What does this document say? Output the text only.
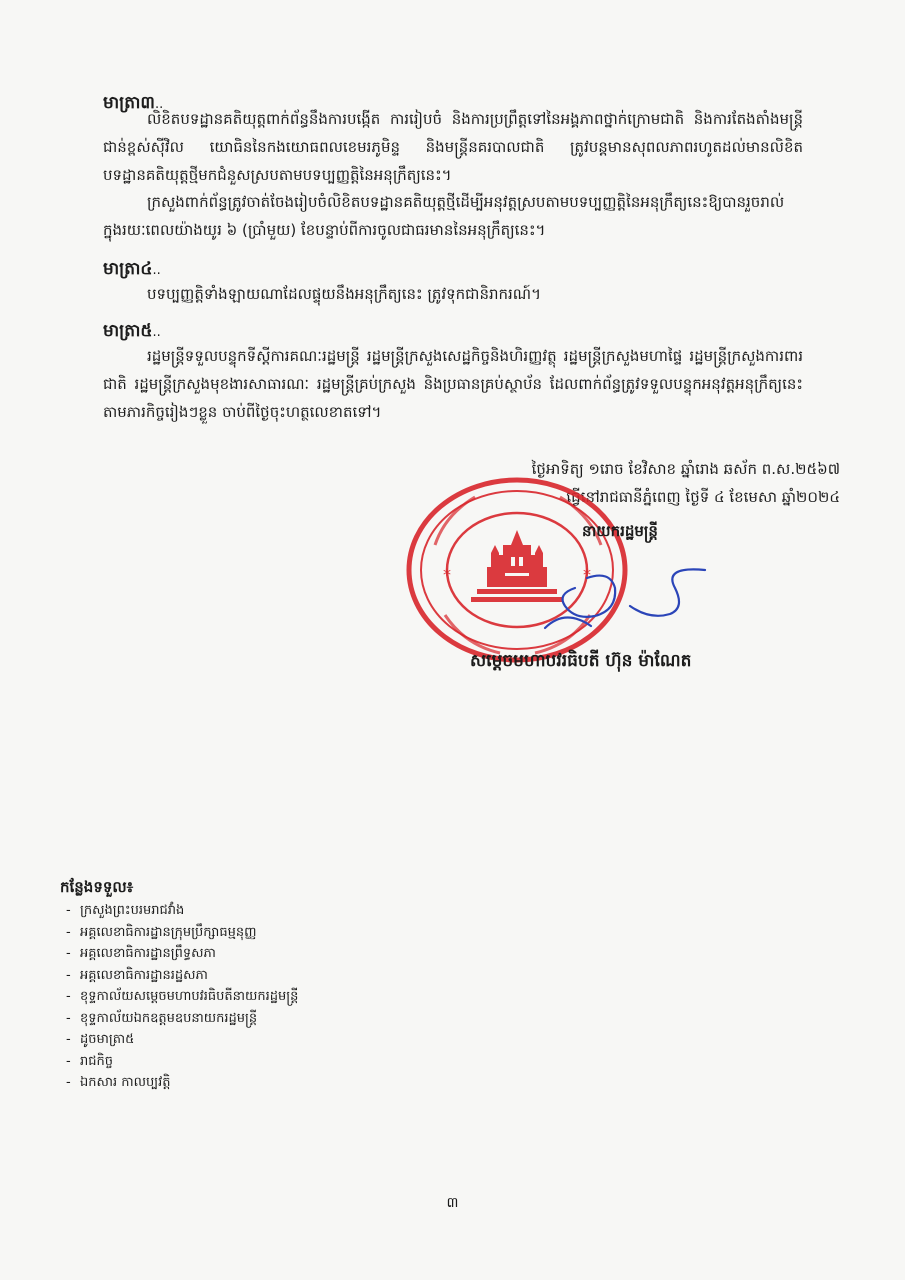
មាត្រា៣..

លិខិតបទដ្ឋានគតិយុត្តពាក់ព័ន្ធនឹងការបង្កើត ការរៀបចំ និងការប្រព្រឹត្តទៅនៃអង្គភាពថ្នាក់ក្រោមជាតិ និងការតែងតាំងមន្ត្រីជាន់ខ្ពស់ស៊ីវិល យោធិននៃកងយោធពលខេមរភូមិន្ទ និងមន្ត្រីនគរបាលជាតិ ត្រូវបន្តមានសុពលភាពរហូតដល់មានលិខិតបទដ្ឋានគតិយុត្តថ្មីមកជំនួសស្របតាមបទប្បញ្ញត្តិនៃអនុក្រឹត្យនេះ។

ក្រសួងពាក់ព័ន្ធត្រូវចាត់ចែងរៀបចំលិខិតបទដ្ឋានគតិយុត្តថ្មីដើម្បីអនុវត្តស្របតាមបទប្បញ្ញត្តិនៃអនុក្រឹត្យនេះឱ្យបានរួចរាល់ក្នុងរយៈពេលយ៉ាងយូរ ៦ (ប្រាំមួយ) ខែបន្ទាប់ពីការចូលជាធរមាននៃអនុក្រឹត្យនេះ។

មាត្រា៤..

បទប្បញ្ញត្តិទាំងឡាយណាដែលផ្ទុយនឹងអនុក្រឹត្យនេះ ត្រូវទុកជានិរាករណ៍។

មាត្រា៥..

រដ្ឋមន្ត្រីទទួលបន្ទុកទីស្តីការគណៈរដ្ឋមន្ត្រី រដ្ឋមន្ត្រីក្រសួងសេដ្ឋកិច្ចនិងហិរញ្ញវត្ថុ រដ្ឋមន្ត្រីក្រសួងមហាផ្ទៃ រដ្ឋមន្ត្រីក្រសួងការពារជាតិ រដ្ឋមន្ត្រីក្រសួងមុខងារសាធារណៈ រដ្ឋមន្ត្រីគ្រប់ក្រសួង និងប្រធានគ្រប់ស្ថាប័ន ដែលពាក់ព័ន្ធត្រូវទទួលបន្ទុកអនុវត្តអនុក្រឹត្យនេះ តាមភារកិច្ចរៀងៗខ្លួន ចាប់ពីថ្ងៃចុះហត្ថលេខាតទៅ។

ថ្ងៃអាទិត្យ ១រោច ខែវិសាខ ឆ្នាំរោង ឆស័ក ព.ស.២៥៦៧
ធ្វើនៅរាជធានីភ្នំពេញ ថ្ងៃទី ៤ ខែមេសា ឆ្នាំ២០២៤
*	*
នាយករដ្ឋមន្ត្រី
សម្តេចមហាបវរធិបតី ហ៊ុន ម៉ាណែត
កន្លែងទទួល៖
- ក្រសួងព្រះបរមរាជវាំង
- អគ្គលេខាធិការដ្ឋានក្រុមប្រឹក្សាធម្មនុញ្ញ
- អគ្គលេខាធិការដ្ឋានព្រឹទ្ធសភា
- អគ្គលេខាធិការដ្ឋានរដ្ឋសភា
- ខុទ្ទកាល័យសម្តេចមហាបវរធិបតីនាយករដ្ឋមន្ត្រី
- ខុទ្ទកាល័យឯកឧត្តមឧបនាយករដ្ឋមន្ត្រី
- ដូចមាត្រា៥
- រាជកិច្ច
- ឯកសារ កាលប្បវត្តិ
៣
